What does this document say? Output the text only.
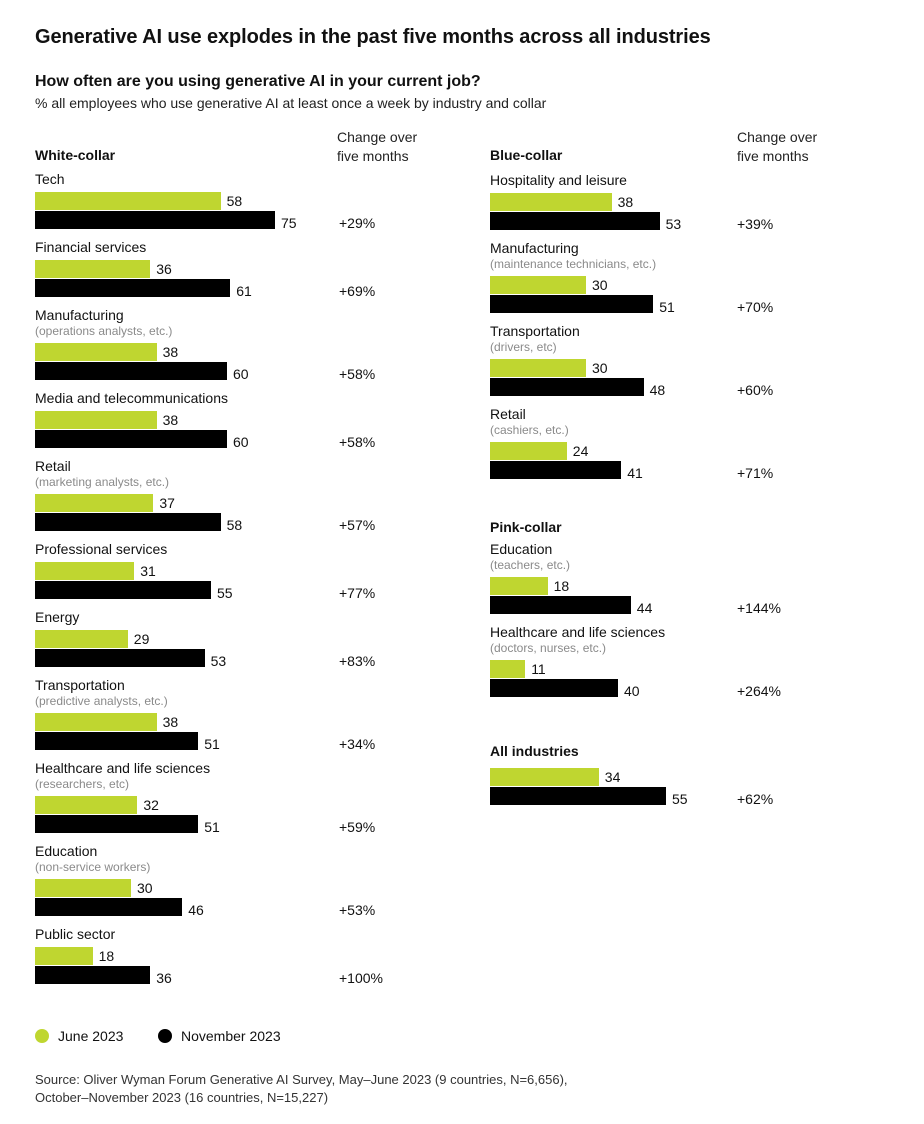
Generative AI use explodes in the past five months across all industries
How often are you using generative AI in your current job?
% all employees who use generative AI at least once a week by industry and collar
Change over
five months
Change over
five months
White-collar
Tech
58
75	+29%
Financial services
36
61	+69%
Manufacturing
(operations analysts, etc.)
38
60	+58%
Media and telecommunications
38
60	+58%
Retail
(marketing analysts, etc.)
37
58	+57%
Professional services
31
55	+77%
Energy
29
53	+83%
Transportation
(predictive analysts, etc.)
38
51	+34%
Healthcare and life sciences
(researchers, etc)
32
51	+59%
Education
(non-service workers)
30
46	+53%
Public sector
18
36	+100%
Blue-collar
Hospitality and leisure
38
53	+39%
Manufacturing
(maintenance technicians, etc.)
30
51	+70%
Transportation
(drivers, etc)
30
48	+60%
Retail
(cashiers, etc.)
24
41	+71%
Pink-collar
Education
(teachers, etc.)
18
44	+144%
Healthcare and life sciences
(doctors, nurses, etc.)
11
40	+264%
All industries
34
55	+62%
June 2023	November 2023
Source: Oliver Wyman Forum Generative AI Survey, May–June 2023 (9 countries, N=6,656),
October–November 2023 (16 countries, N=15,227)
